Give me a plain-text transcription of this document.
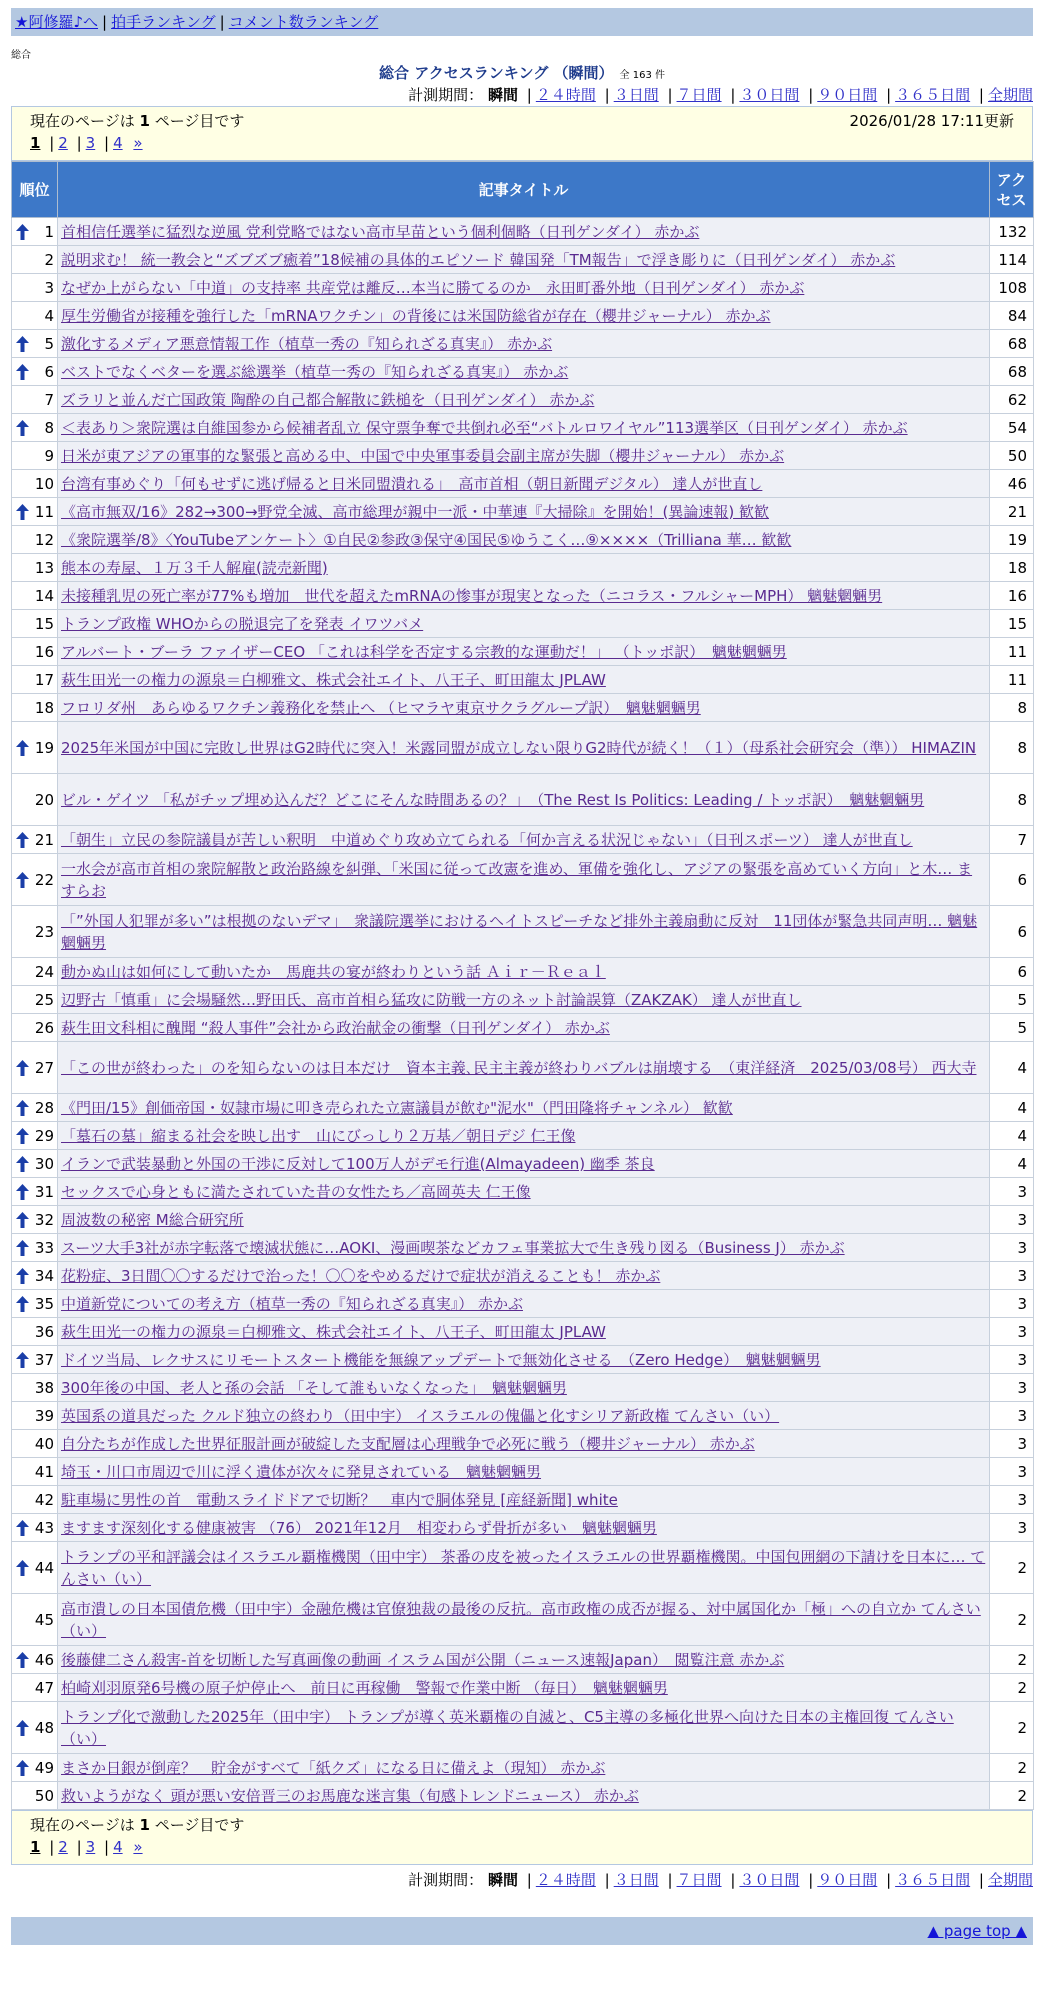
★阿修羅♪へ | 拍手ランキング | コメント数ランキング
総合
総合 アクセスランキング （瞬間） 全 163 件
計測期間： 瞬間 | ２４時間 | ３日間 | ７日間 | ３０日間 | ９０日間 | ３６５日間 | 全期間
現在のページは 1 ページ目です	2026/01/28 17:11更新
1 | 2 | 3 | 4 »
順位	記事タイトル	アクセス

1	首相信任選挙に猛烈な逆風 党利党略ではない高市早苗という個利個略（日刊ゲンダイ） 赤かぶ	132
2	説明求む！ 統一教会と“ズブズブ癒着”18候補の具体的エピソード 韓国発「TM報告」で浮き彫りに（日刊ゲンダイ） 赤かぶ	114
3	なぜか上がらない「中道」の支持率 共産党は離反…本当に勝てるのか　永田町番外地（日刊ゲンダイ） 赤かぶ	108
4	厚生労働省が接種を強行した「mRNAワクチン」の背後には米国防総省が存在（櫻井ジャーナル） 赤かぶ	84

5	激化するメディア悪意情報工作（植草一秀の『知られざる真実』） 赤かぶ	68

6	ベストでなくベターを選ぶ総選挙（植草一秀の『知られざる真実』） 赤かぶ	68
7	ズラリと並んだ亡国政策 陶酔の自己都合解散に鉄槌を（日刊ゲンダイ） 赤かぶ	62

8	＜表あり＞衆院選は自維国参から候補者乱立 保守票争奪で共倒れ必至“バトルロワイヤル”113選挙区（日刊ゲンダイ） 赤かぶ	54
9	日米が東アジアの軍事的な緊張と高める中、中国で中央軍事委員会副主席が失脚（櫻井ジャーナル） 赤かぶ	50
10	台湾有事めぐり「何もせずに逃げ帰ると日米同盟潰れる」　高市首相（朝日新聞デジタル） 達人が世直し	46

11	《高市無双/16》282→300→野党全滅、高市総理が親中一派・中華連『大掃除』を開始！(異論速報) 歓歓	21
12	《衆院選挙/8》〈YouTubeアンケート〉①自民②参政③保守④国民⑤ゆうこく…⑨××××（Trilliana 華… 歓歓	19
13	熊本の寿屋、１万３千人解雇(読売新聞)	18
14	未接種乳児の死亡率が77%も増加　世代を超えたmRNAの惨事が現実となった（ニコラス・フルシャーMPH） 魑魅魍魎男	16
15	トランプ政権 WHOからの脱退完了を発表 イワツバメ	15
16	アルバート・ブーラ ファイザーCEO 「これは科学を否定する宗教的な運動だ！」 （トッポ訳）　魑魅魍魎男	11
17	萩生田光一の権力の源泉＝白柳雅文、株式会社エイト、八王子、町田龍太 JPLAW	11
18	フロリダ州　あらゆるワクチン義務化を禁止へ （ヒマラヤ東京サクラグループ訳）　魑魅魍魎男	8

19	2025年米国が中国に完敗し世界はG2時代に突入！米露同盟が成立しない限りG2時代が続く！（１）（母系社会研究会（準）） HIMAZIN	8
20	ビル・ゲイツ 「私がチップ埋め込んだ？どこにそんな時間あるの？」　（The Rest Is Politics: Leading / トッポ訳）　魑魅魍魎男	8

21	「朝生」立民の参院議員が苦しい釈明　中道めぐり攻め立てられる「何か言える状況じゃない」（日刊スポーツ） 達人が世直し	7

22	一水会が高市首相の衆院解散と政治路線を糾弾、「米国に従って改憲を進め、軍備を強化し、アジアの緊張を高めていく方向」と木… ますらお	6
23	「”外国人犯罪が多い”は根拠のないデマ」　衆議院選挙におけるヘイトスピーチなど排外主義扇動に反対　11団体が緊急共同声明… 魑魅魍魎男	6
24	動かぬ山は如何にして動いたか　馬鹿共の宴が終わりという話 Ａｉｒ－Ｒｅａｌ	6
25	辺野古「慎重」に会場騒然…野田氏、高市首相ら猛攻に防戦一方のネット討論誤算（ZAKZAK） 達人が世直し	5
26	萩生田文科相に醜聞 “殺人事件”会社から政治献金の衝撃（日刊ゲンダイ） 赤かぶ	5

27	「この世が終わった」のを知らないのは日本だけ　資本主義､民主主義が終わりバブルは崩壊する　（東洋経済　2025/03/08号） 西大寺	4

28	《門田/15》創価帝国・奴隷市場に叩き売られた立憲議員が飲む"泥水"（門田隆将チャンネル） 歓歓	4

29	「墓石の墓」縮まる社会を映し出す　山にびっしり２万基／朝日デジ 仁王像	4

30	イランで武装暴動と外国の干渉に反対して100万人がデモ行進(Almayadeen) 幽季 茶良	4

31	セックスで心身ともに満たされていた昔の女性たち／高岡英夫 仁王像	3

32	周波数の秘密 M総合研究所	3

33	スーツ大手3社が赤字転落で壊滅状態に…AOKI、漫画喫茶などカフェ事業拡大で生き残り図る（Business J） 赤かぶ	3

34	花粉症、3日間〇〇するだけで治った！〇〇をやめるだけで症状が消えることも！ 赤かぶ	3

35	中道新党についての考え方（植草一秀の『知られざる真実』） 赤かぶ	3
36	萩生田光一の権力の源泉＝白柳雅文、株式会社エイト、八王子、町田龍太 JPLAW	3

37	ドイツ当局、レクサスにリモートスタート機能を無線アップデートで無効化させる　（Zero Hedge）　魑魅魍魎男	3
38	300年後の中国、老人と孫の会話 「そして誰もいなくなった」　魑魅魍魎男	3
39	英国系の道具だった クルド独立の終わり（田中宇） イスラエルの傀儡と化すシリア新政権 てんさい（い）	3
40	自分たちが作成した世界征服計画が破綻した支配層は心理戦争で必死に戦う（櫻井ジャーナル） 赤かぶ	3
41	埼玉・川口市周辺で川に浮く遺体が次々に発見されている　魑魅魍魎男	3
42	駐車場に男性の首　電動スライドドアで切断？　車内で胴体発見 [産経新聞] white	3

43	ますます深刻化する健康被害 （76） 2021年12月　相変わらず骨折が多い　魑魅魍魎男	3

44	トランプの平和評議会はイスラエル覇権機関（田中宇） 茶番の皮を被ったイスラエルの世界覇権機関。中国包囲網の下請けを日本に… てんさい（い）	2
45	高市潰しの日本国債危機（田中宇）金融危機は官僚独裁の最後の反抗。高市政権の成否が握る、対中属国化か「極」への自立か てんさい（い）	2

46	後藤健二さん殺害-首を切断した写真画像の動画 イスラム国が公開（ニュース速報Japan）　閲覧注意 赤かぶ	2
47	柏崎刈羽原発6号機の原子炉停止へ　前日に再稼働　警報で作業中断 （毎日）　魑魅魍魎男	2

48	トランプ化で激動した2025年（田中宇） トランプが導く英米覇権の自滅と、C5主導の多極化世界へ向けた日本の主権回復 てんさい（い）	2

49	まさか日銀が倒産？　貯金がすべて「紙クズ」になる日に備えよ（現知） 赤かぶ	2
50	救いようがなく 頭が悪い安倍晋三のお馬鹿な迷言集（旬感トレンドニュース） 赤かぶ	2
現在のページは 1 ページ目です
1 | 2 | 3 | 4 »
計測期間： 瞬間 | ２４時間 | ３日間 | ７日間 | ３０日間 | ９０日間 | ３６５日間 | 全期間
▲ page top ▲
